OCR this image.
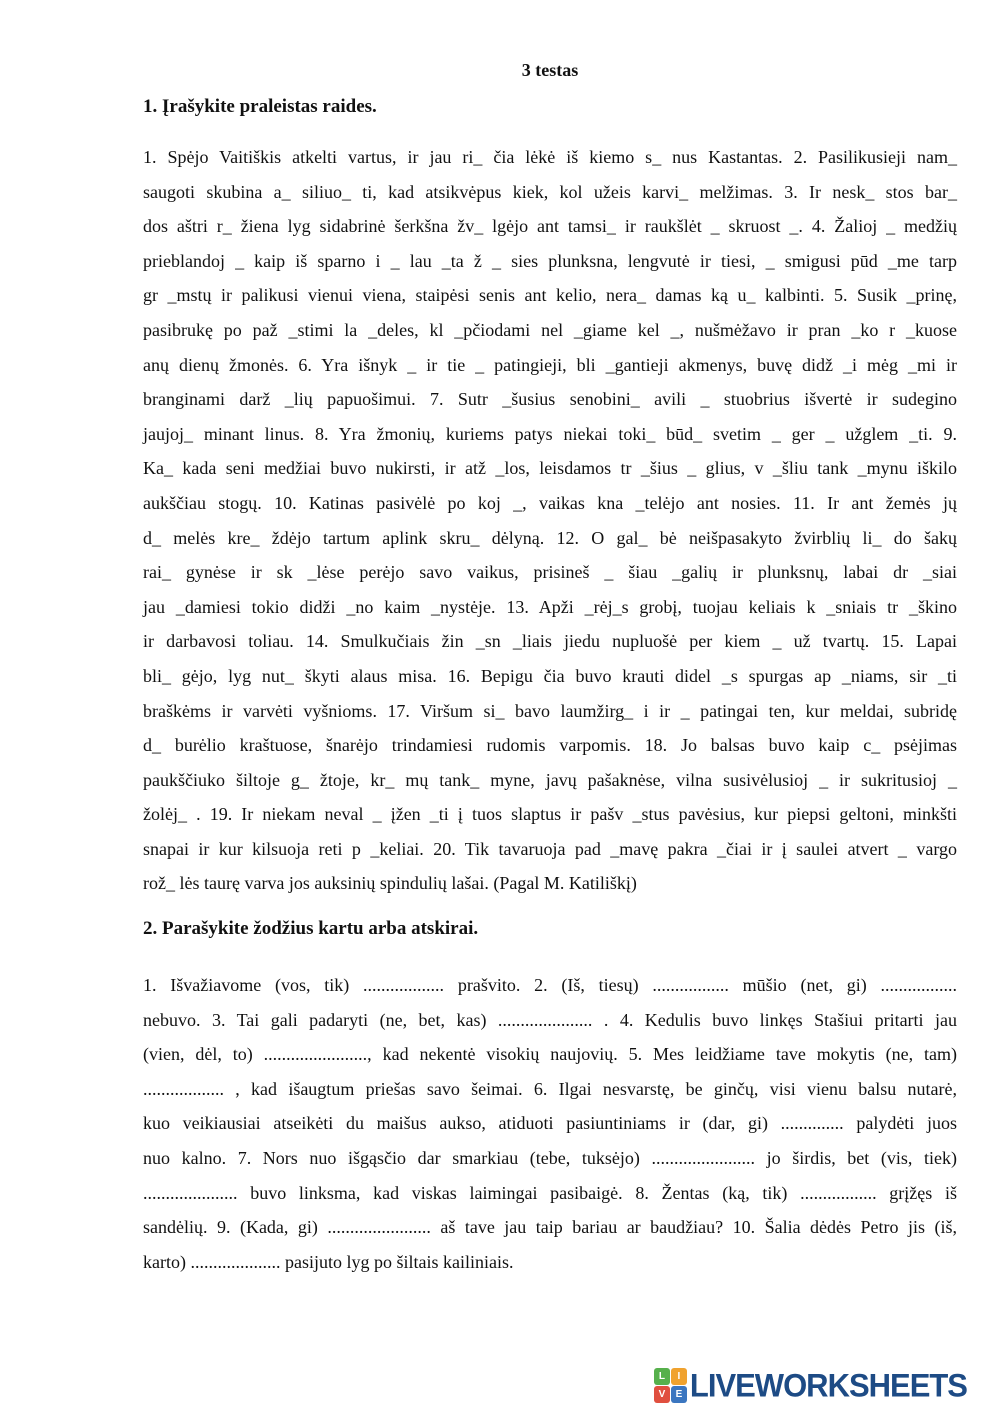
3 testas
1. Įrašykite praleistas raides.
1. Spėjo Vaitiškis atkelti vartus, ir jau ri_ čia lėkė iš kiemo s_ nus Kastantas. 2. Pasilikusieji nam_
saugoti skubina a_ siliuo_ ti, kad atsikvėpus kiek, kol užeis karvi_ melžimas. 3. Ir nesk_ stos bar_
dos aštri r_ žiena lyg sidabrinė šerkšna žv_ lgėjo ant tamsi_ ir raukšlėt _ skruost _. 4. Žalioj _ medžių
prieblandoj _ kaip iš sparno i _ lau _ta ž _ sies plunksna, lengvutė ir tiesi, _ smigusi pūd _me tarp
gr _mstų ir palikusi vienui viena, staipėsi senis ant kelio, nera_ damas ką u_ kalbinti. 5. Susik _prinę,
pasibrukę po paž _stimi la _deles, kl _pčiodami nel _giame kel _, nušmėžavo ir pran _ko r _kuose
anų dienų žmonės. 6. Yra išnyk _ ir tie _ patingieji, bli _gantieji akmenys, buvę didž _i mėg _mi ir
branginami darž _lių papuošimui. 7. Sutr _šusius senobini_ avili _ stuobrius išvertė ir sudegino
jaujoj_ minant linus. 8. Yra žmonių, kuriems patys niekai toki_ būd_ svetim _ ger _ užglem _ti. 9.
Ka_ kada seni medžiai buvo nukirsti, ir atž _los, leisdamos tr _šius _ glius, v _šliu tank _mynu iškilo
aukščiau stogų. 10. Katinas pasivėlė po koj _, vaikas kna _telėjo ant nosies. 11. Ir ant žemės jų
d_ melės kre_ ždėjo tartum aplink skru_ dėlyną. 12. O gal_ bė neišpasakyto žvirblių li_ do šakų
rai_ gynėse ir sk _lėse perėjo savo vaikus, prisineš _ šiau _galių ir plunksnų, labai dr _siai
jau _damiesi tokio didži _no kaim _nystėje. 13. Apži _rėj_s grobį, tuojau keliais k _sniais tr _škino
ir darbavosi toliau. 14. Smulkučiais žin _sn _liais jiedu nupluošė per kiem _ už tvartų. 15. Lapai
bli_ gėjo, lyg nut_ škyti alaus misa. 16. Bepigu čia buvo krauti didel _s spurgas ap _niams, sir _ti
braškėms ir varvėti vyšnioms. 17. Viršum si_ bavo laumžirg_ i ir _ patingai ten, kur meldai, subridę
d_ burėlio kraštuose, šnarėjo trindamiesi rudomis varpomis. 18. Jo balsas buvo kaip c_ psėjimas
paukščiuko šiltoje g_ žtoje, kr_ mų tank_ myne, javų pašaknėse, vilna susivėlusioj _ ir sukritusioj _
žolėj_ . 19. Ir niekam neval _ įžen _ti į tuos slaptus ir pašv _stus pavėsius, kur piepsi geltoni, minkšti
snapai ir kur kilsuoja reti p _keliai. 20. Tik tavaruoja pad _mavę pakra _čiai ir į saulei atvert _ vargo
rož_ lės taurę varva jos auksinių spindulių lašai. (Pagal M. Katiliškį)
2. Parašykite žodžius kartu arba atskirai.
1. Išvažiavome (vos, tik) .................. prašvito. 2. (Iš, tiesų) ................. mūšio (net, gi) .................
nebuvo. 3. Tai gali padaryti (ne, bet, kas) ..................... . 4. Kedulis buvo linkęs Stašiui pritarti jau
(vien, dėl, to) ......................., kad nekentė visokių naujovių. 5. Mes leidžiame tave mokytis (ne, tam)
.................. , kad išaugtum priešas savo šeimai. 6. Ilgai nesvarstę, be ginčų, visi vienu balsu nutarė,
kuo veikiausiai atseikėti du maišus aukso, atiduoti pasiuntiniams ir (dar, gi) .............. palydėti juos
nuo kalno. 7. Nors nuo išgąsčio dar smarkiau (tebe, tuksėjo) ....................... jo širdis, bet (vis, tiek)
..................... buvo linksma, kad viskas laimingai pasibaigė. 8. Žentas (ką, tik) ................. grįžęs iš
sandėlių. 9. (Kada, gi) ....................... aš tave jau taip bariau ar baudžiau? 10. Šalia dėdės Petro jis (iš,
karto) .................... pasijuto lyg po šiltais kailiniais.
L	I
V	E LIVEWORKSHEETS
